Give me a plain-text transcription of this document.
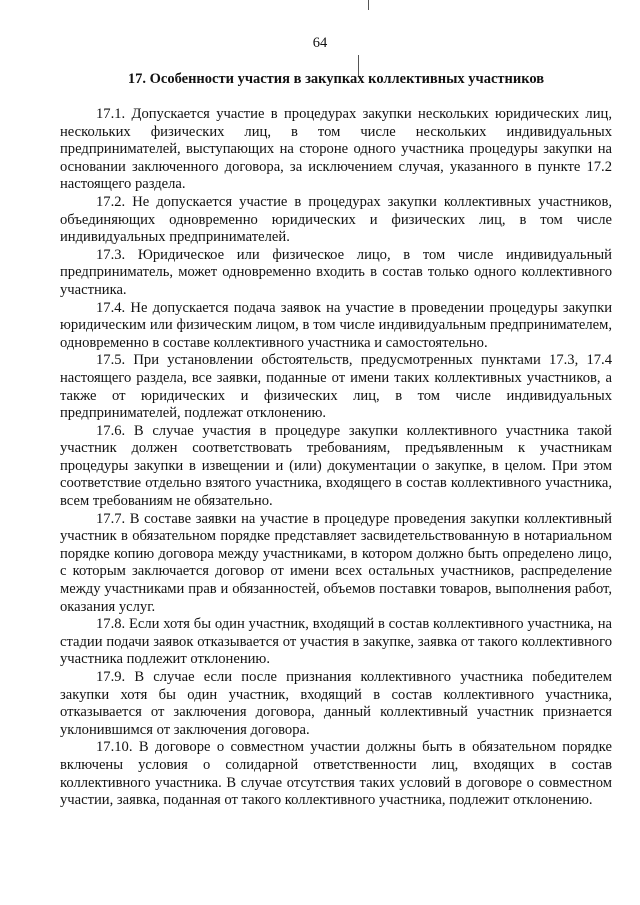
64
17. Особенности участия в закупках коллективных участников

17.1. Допускается участие в процедурах закупки нескольких юридических лиц, нескольких физических лиц, в том числе нескольких индивидуальных предпринимателей, выступающих на стороне одного участника процедуры закупки на основании заключенного договора, за исключением случая, указанного в пункте 17.2 настоящего раздела.

17.2. Не допускается участие в процедурах закупки коллективных участников, объединяющих одновременно юридических и физических лиц, в том числе индивидуальных предпринимателей.

17.3. Юридическое или физическое лицо, в том числе индивидуальный предприниматель, может одновременно входить в состав только одного коллективного участника.

17.4. Не допускается подача заявок на участие в проведении процедуры закупки юридическим или физическим лицом, в том числе индивидуальным предпринимателем, одновременно в составе коллективного участника и самостоятельно.

17.5. При установлении обстоятельств, предусмотренных пунктами 17.3, 17.4 настоящего раздела, все заявки, поданные от имени таких коллективных участников, а также от юридических и физических лиц, в том числе индивидуальных предпринимателей, подлежат отклонению.

17.6. В случае участия в процедуре закупки коллективного участника такой участник должен соответствовать требованиям, предъявленным к участникам процедуры закупки в извещении и (или) документации о закупке, в целом. При этом соответствие отдельно взятого участника, входящего в состав коллективного участника, всем требованиям не обязательно.

17.7. В составе заявки на участие в процедуре проведения закупки коллективный участник в обязательном порядке представляет засвидетельствованную в нотариальном порядке копию договора между участниками, в котором должно быть определено лицо, с которым заключается договор от имени всех остальных участников, распределение между участниками прав и обязанностей, объемов поставки товаров, выполнения работ, оказания услуг.

17.8. Если хотя бы один участник, входящий в состав коллективного участника, на стадии подачи заявок отказывается от участия в закупке, заявка от такого коллективного участника подлежит отклонению.

17.9. В случае если после признания коллективного участника победителем закупки хотя бы один участник, входящий в состав коллективного участника, отказывается от заключения договора, данный коллективный участник признается уклонившимся от заключения договора.

17.10. В договоре о совместном участии должны быть в обязательном порядке включены условия о солидарной ответственности лиц, входящих в состав коллективного участника. В случае отсутствия таких условий в договоре о совместном участии, заявка, поданная от такого коллективного участника, подлежит отклонению.
